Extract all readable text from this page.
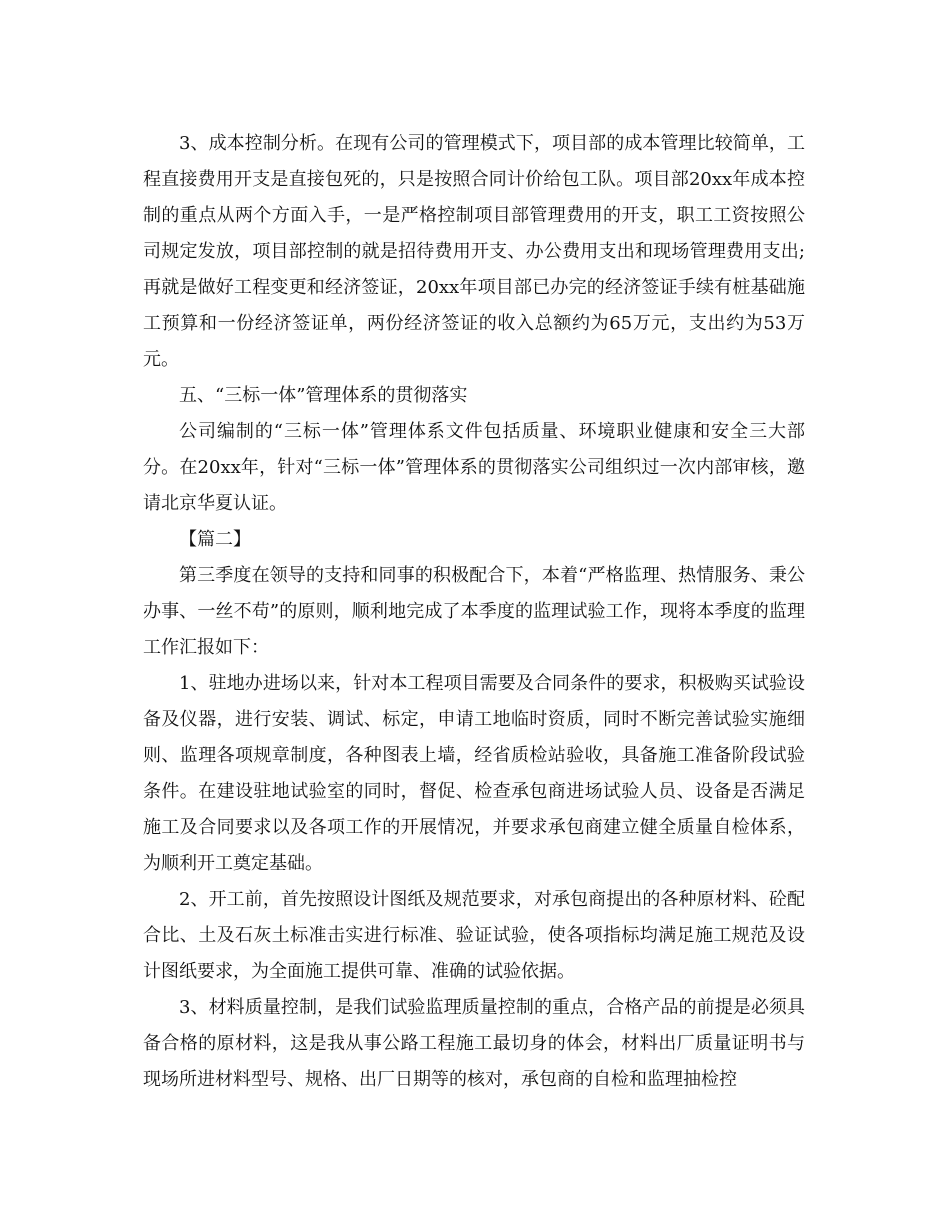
3、成本控制分析。在现有公司的管理模式下，项目部的成本管理比较简单，工程直接费用开支是直接包死的，只是按照合同计价给包工队。项目部20xx年成本控制的重点从两个方面入手，一是严格控制项目部管理费用的开支，职工工资按照公司规定发放，项目部控制的就是招待费用开支、办公费用支出和现场管理费用支出;再就是做好工程变更和经济签证，20xx年项目部已办完的经济签证手续有桩基础施工预算和一份经济签证单，两份经济签证的收入总额约为65万元，支出约为53万元。

五、“三标一体”管理体系的贯彻落实

公司编制的“三标一体”管理体系文件包括质量、环境职业健康和安全三大部分。在20xx年，针对“三标一体”管理体系的贯彻落实公司组织过一次内部审核，邀请北京华夏认证。

【篇二】

第三季度在领导的支持和同事的积极配合下，本着“严格监理、热情服务、秉公办事、一丝不苟”的原则，顺利地完成了本季度的监理试验工作，现将本季度的监理工作汇报如下：

1、驻地办进场以来，针对本工程项目需要及合同条件的要求，积极购买试验设备及仪器，进行安装、调试、标定，申请工地临时资质，同时不断完善试验实施细则、监理各项规章制度，各种图表上墙，经省质检站验收，具备施工准备阶段试验条件。在建设驻地试验室的同时，督促、检查承包商进场试验人员、设备是否满足施工及合同要求以及各项工作的开展情况，并要求承包商建立健全质量自检体系，为顺利开工奠定基础。

2、开工前，首先按照设计图纸及规范要求，对承包商提出的各种原材料、砼配合比、土及石灰土标准击实进行标准、验证试验，使各项指标均满足施工规范及设计图纸要求，为全面施工提供可靠、准确的试验依据。

3、材料质量控制，是我们试验监理质量控制的重点，合格产品的前提是必须具备合格的原材料，这是我从事公路工程施工最切身的体会，材料出厂质量证明书与现场所进材料型号、规格、出厂日期等的核对，承包商的自检和监理抽检控
